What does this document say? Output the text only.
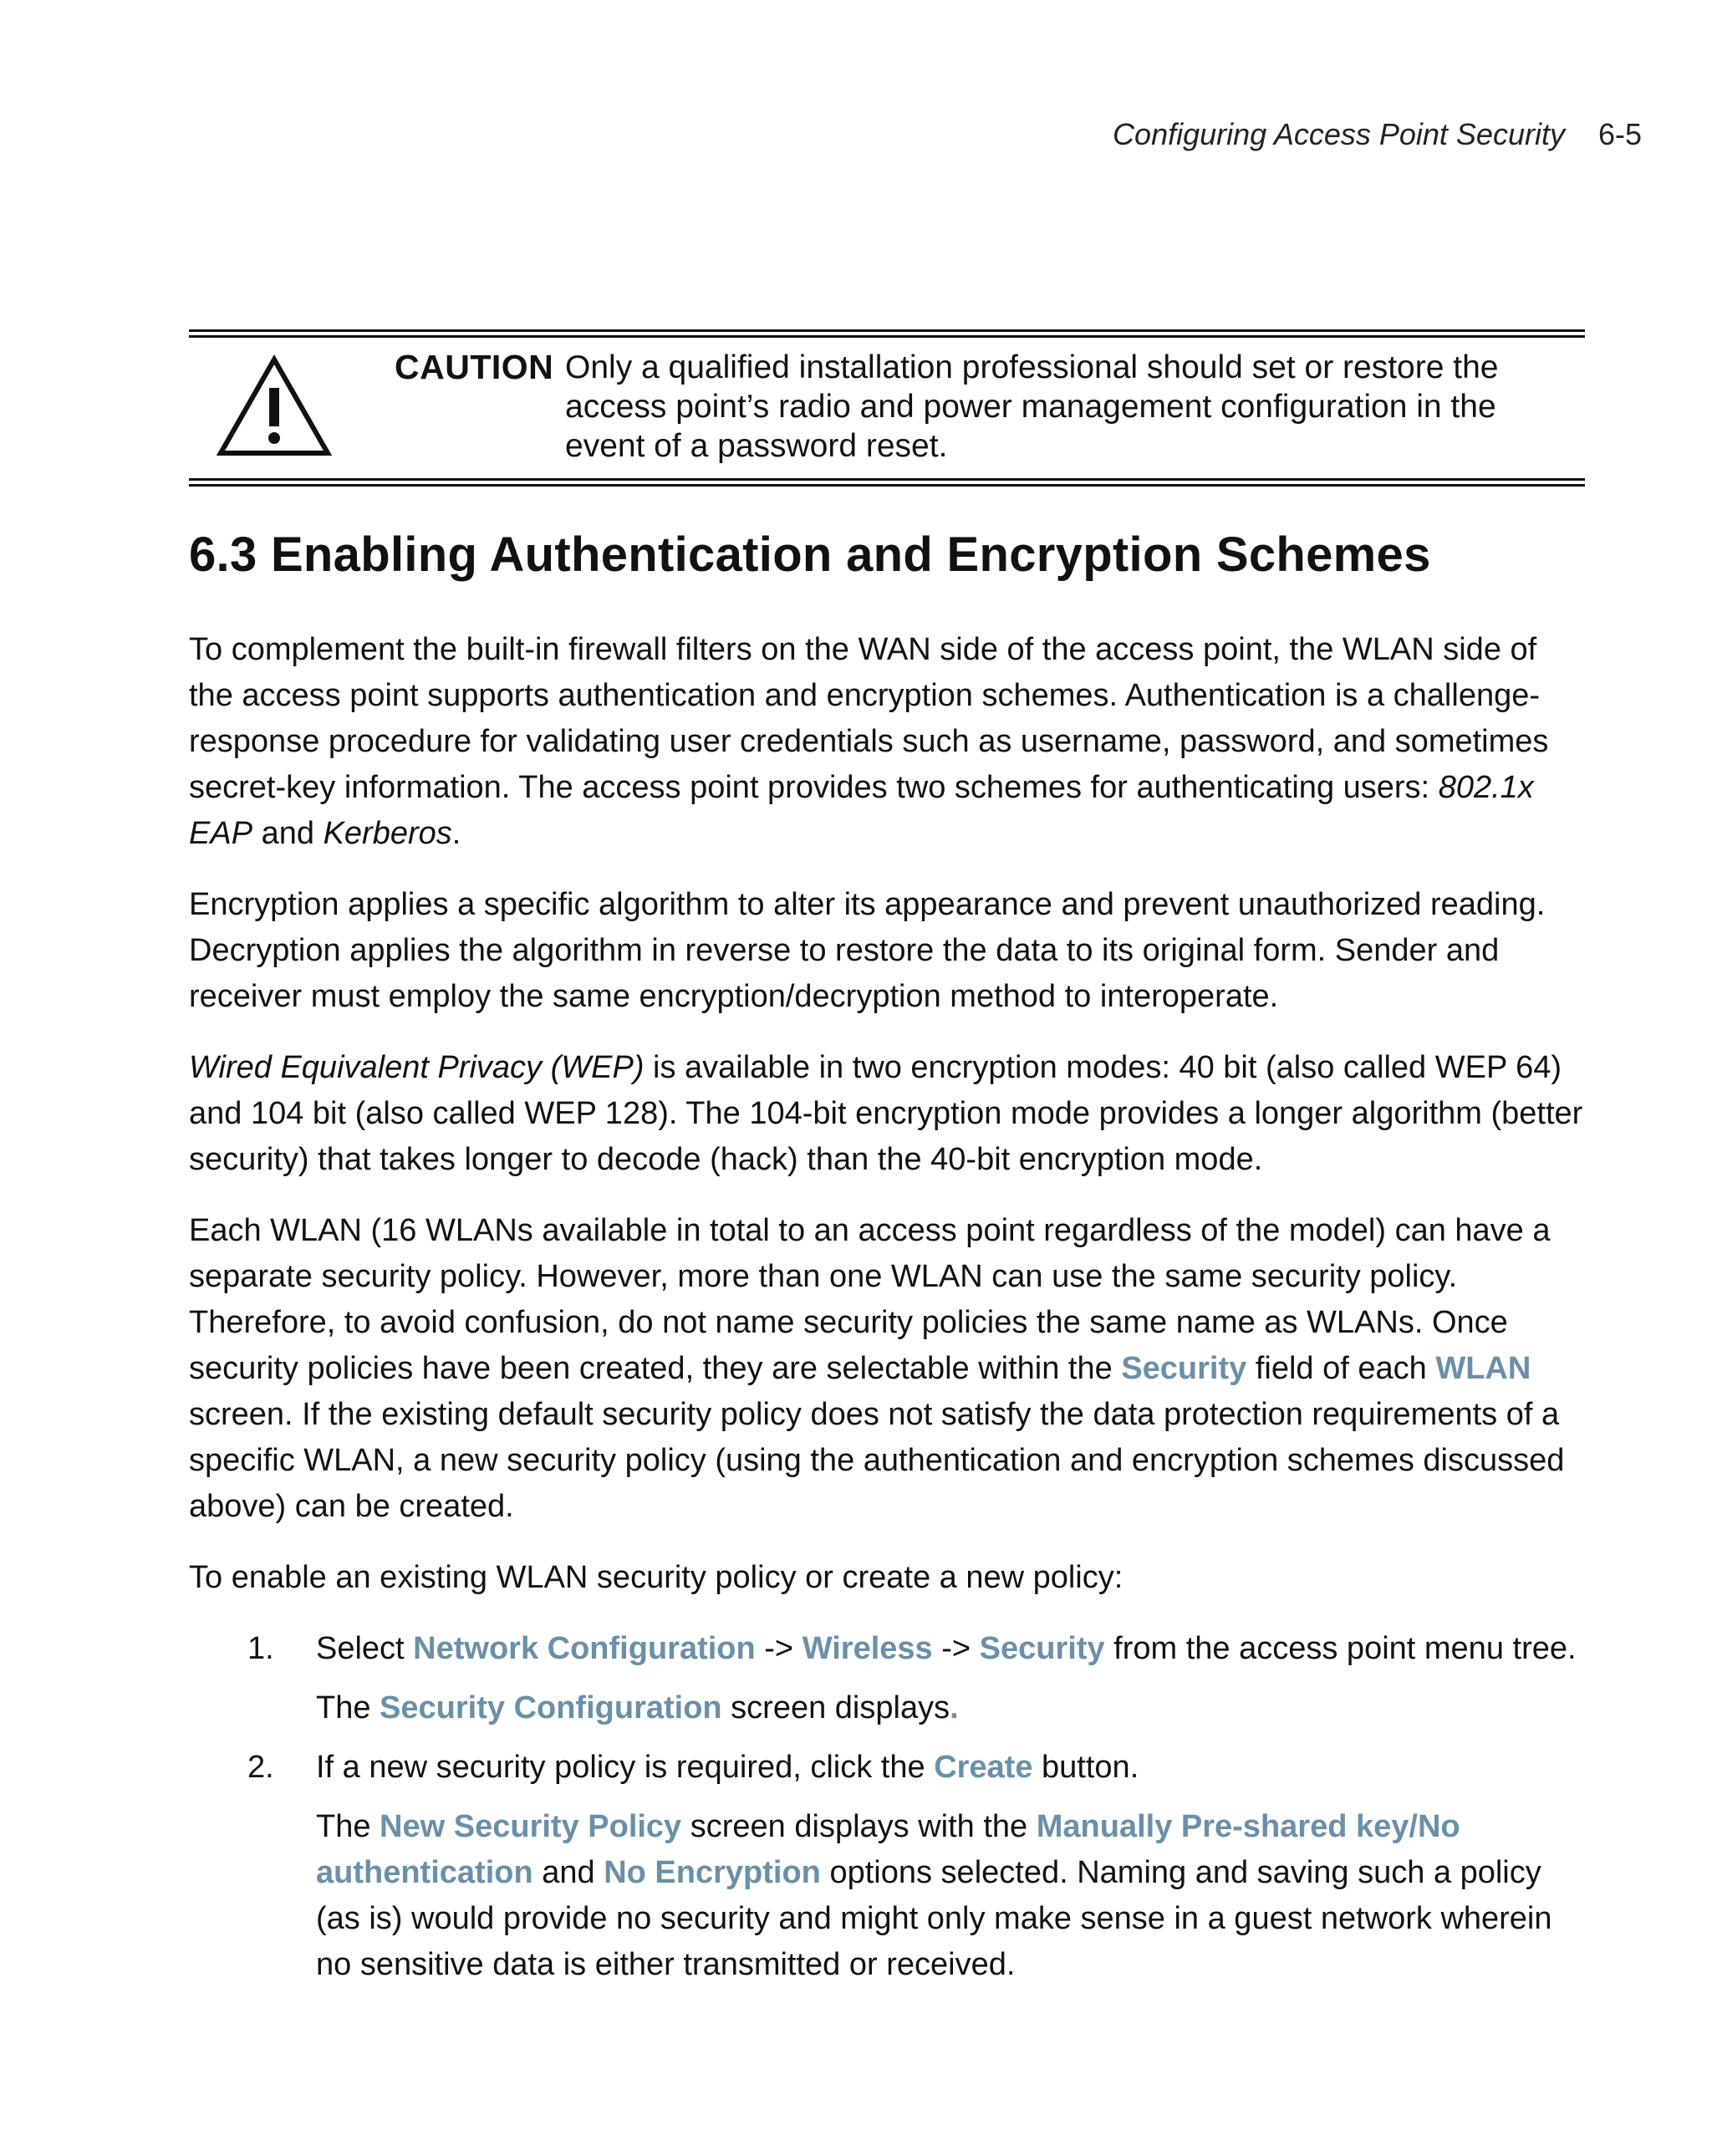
Configuring Access Point Security 6-5
CAUTION Only a qualified installation professional should set or restore the access point’s radio and power management configuration in the event of a password reset.
6.3 Enabling Authentication and Encryption Schemes

To complement the built-in firewall filters on the WAN side of the access point, the WLAN side of the access point supports authentication and encryption schemes. Authentication is a challenge-response procedure for validating user credentials such as username, password, and sometimes secret-key information. The access point provides two schemes for authenticating users: 802.1x EAP and Kerberos.

Encryption applies a specific algorithm to alter its appearance and prevent unauthorized reading. Decryption applies the algorithm in reverse to restore the data to its original form. Sender and receiver must employ the same encryption/decryption method to interoperate.

Wired Equivalent Privacy (WEP) is available in two encryption modes: 40 bit (also called WEP 64) and 104 bit (also called WEP 128). The 104-bit encryption mode provides a longer algorithm (better security) that takes longer to decode (hack) than the 40-bit encryption mode.

Each WLAN (16 WLANs available in total to an access point regardless of the model) can have a separate security policy. However, more than one WLAN can use the same security policy. Therefore, to avoid confusion, do not name security policies the same name as WLANs. Once security policies have been created, they are selectable within the Security field of each WLAN screen. If the existing default security policy does not satisfy the data protection requirements of a specific WLAN, a new security policy (using the authentication and encryption schemes discussed above) can be created.

To enable an existing WLAN security policy or create a new policy:

1. Select Network Configuration -> Wireless -> Security from the access point menu tree.
The Security Configuration screen displays.
2. If a new security policy is required, click the Create button.
The New Security Policy screen displays with the Manually Pre-shared key/No authentication and No Encryption options selected. Naming and saving such a policy (as is) would provide no security and might only make sense in a guest network wherein no sensitive data is either transmitted or received.
